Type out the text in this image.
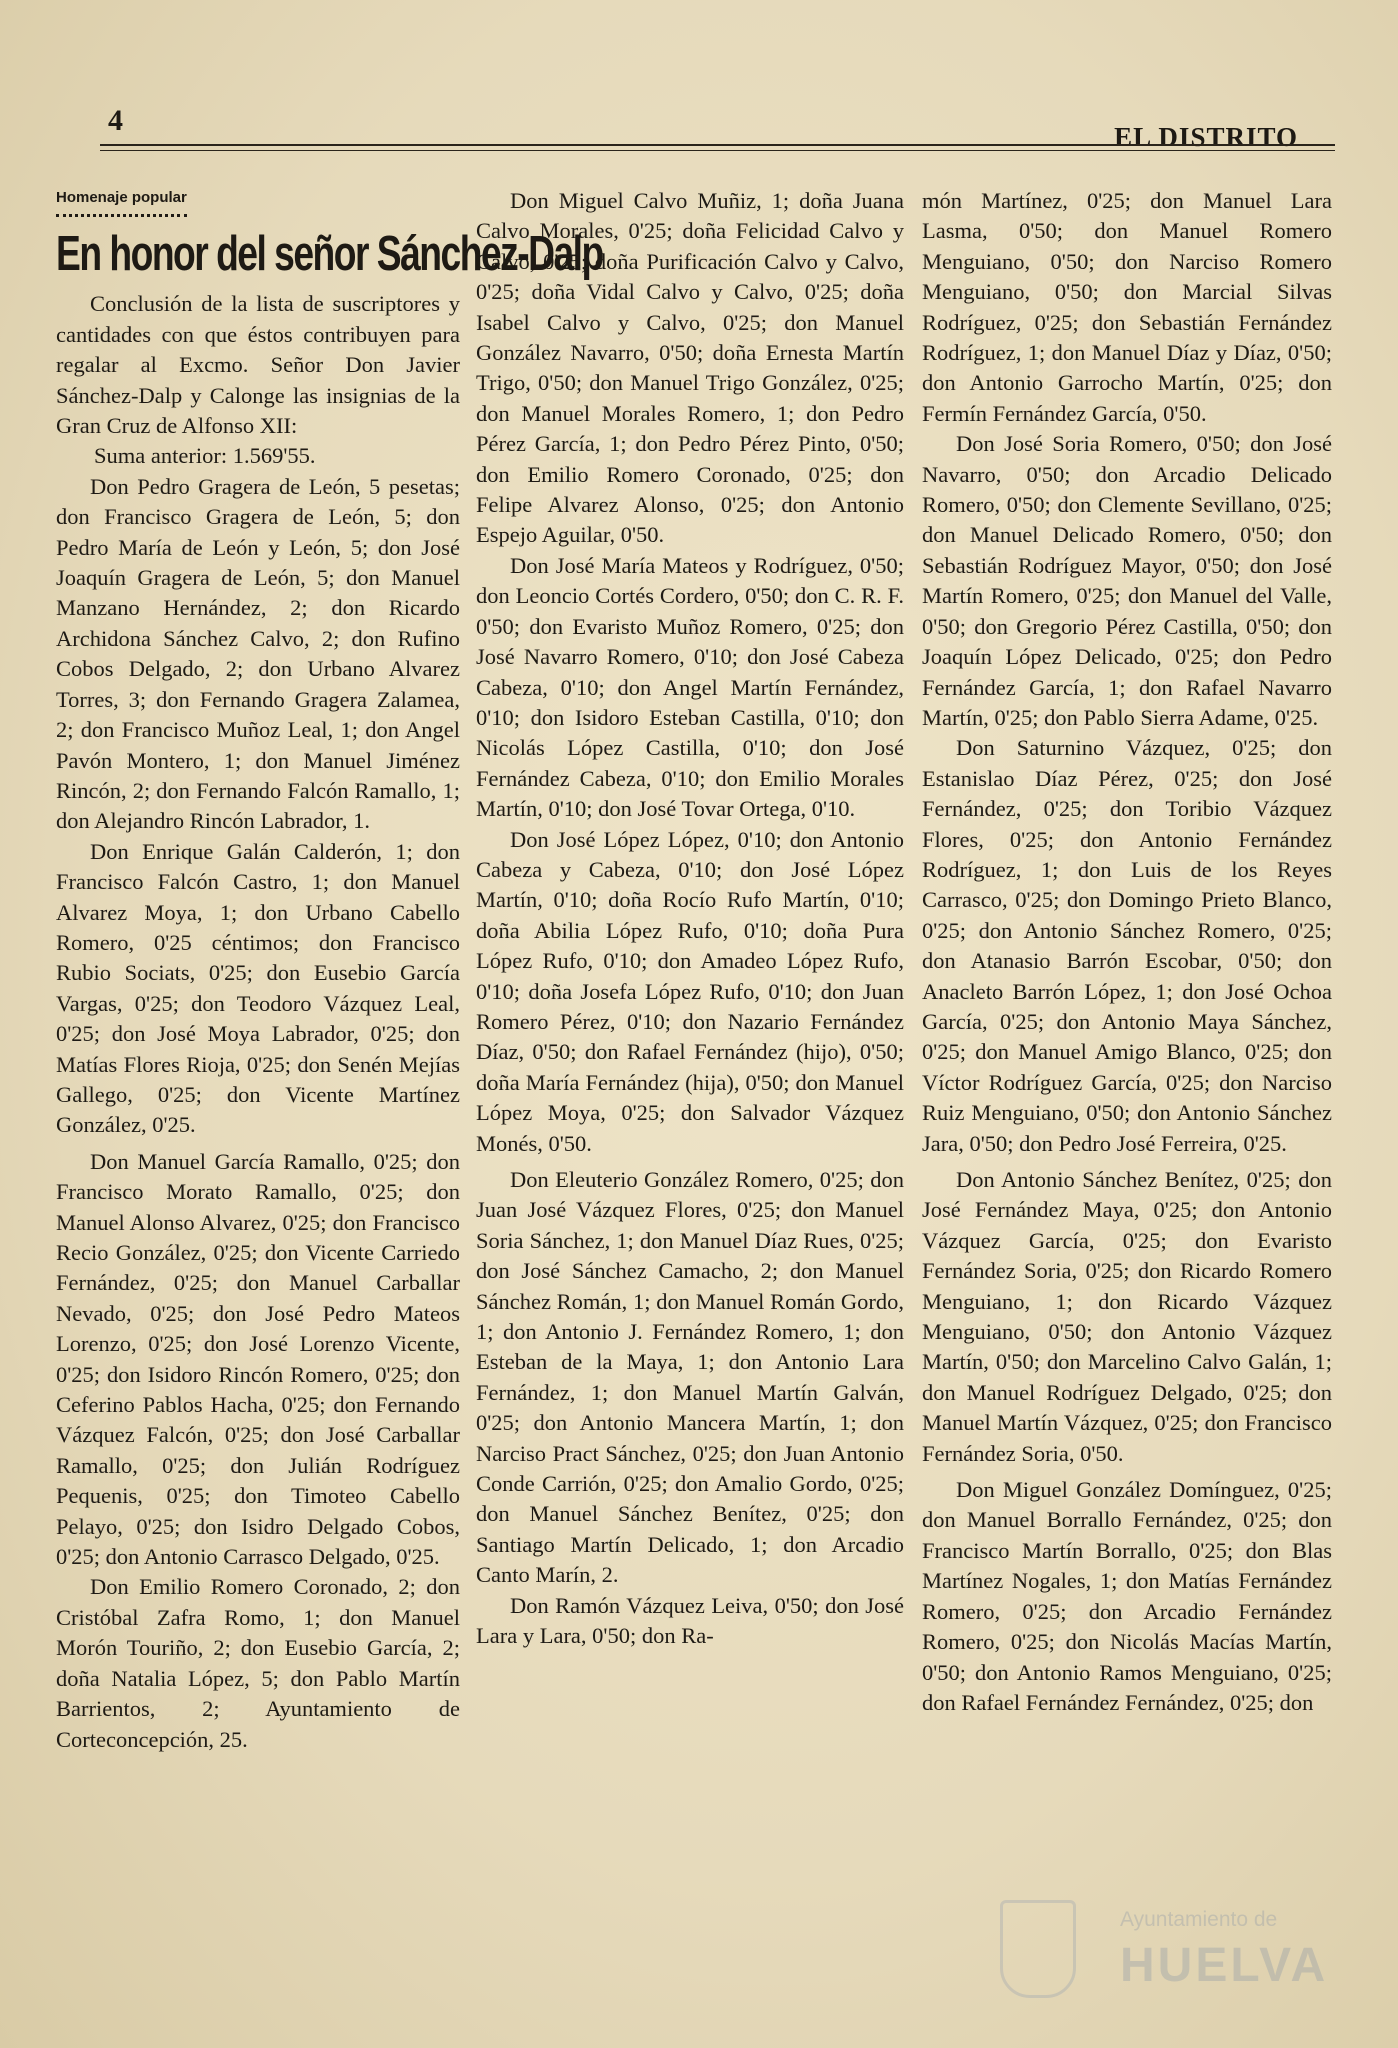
4	EL DISTRITO
Homenaje popular
En honor del señor Sánchez-Dalp

Conclusión de la lista de suscriptores y cantidades con que éstos contribuyen para regalar al Excmo. Señor Don Javier Sánchez-Dalp y Calonge las insignias de la Gran Cruz de Alfonso XII:

Suma anterior: 1.569'55.

Don Pedro Gragera de León, 5 pesetas; don Francisco Gragera de León, 5; don Pedro María de León y León, 5; don José Joaquín Gragera de León, 5; don Manuel Manzano Hernández, 2; don Ricardo Archidona Sánchez Calvo, 2; don Rufino Cobos Delgado, 2; don Urbano Alvarez Torres, 3; don Fernando Gragera Zalamea, 2; don Francisco Muñoz Leal, 1; don Angel Pavón Montero, 1; don Manuel Jiménez Rincón, 2; don Fernando Falcón Ramallo, 1; don Alejandro Rincón Labrador, 1.

Don Enrique Galán Calderón, 1; don Francisco Falcón Castro, 1; don Manuel Alvarez Moya, 1; don Urbano Cabello Romero, 0'25 céntimos; don Francisco Rubio Sociats, 0'25; don Eusebio García Vargas, 0'25; don Teodoro Vázquez Leal, 0'25; don José Moya Labrador, 0'25; don Matías Flores Rioja, 0'25; don Senén Mejías Gallego, 0'25; don Vicente Martínez González, 0'25.

Don Manuel García Ramallo, 0'25; don Francisco Morato Ramallo, 0'25; don Manuel Alonso Alvarez, 0'25; don Francisco Recio González, 0'25; don Vicente Carriedo Fernández, 0'25; don Manuel Carballar Nevado, 0'25; don José Pedro Mateos Lorenzo, 0'25; don José Lorenzo Vicente, 0'25; don Isidoro Rincón Romero, 0'25; don Ceferino Pablos Hacha, 0'25; don Fernando Vázquez Falcón, 0'25; don José Carballar Ramallo, 0'25; don Julián Rodríguez Pequenis, 0'25; don Timoteo Cabello Pelayo, 0'25; don Isidro Delgado Cobos, 0'25; don Antonio Carrasco Delgado, 0'25.

Don Emilio Romero Coronado, 2; don Cristóbal Zafra Romo, 1; don Manuel Morón Touriño, 2; don Eusebio García, 2; doña Natalia López, 5; don Pablo Martín Barrientos, 2; Ayuntamiento de Corteconcepción, 25.

Don Miguel Calvo Muñiz, 1; doña Juana Calvo Morales, 0'25; doña Felicidad Calvo y Calvo, 0'25; doña Purificación Calvo y Calvo, 0'25; doña Vidal Calvo y Calvo, 0'25; doña Isabel Calvo y Calvo, 0'25; don Manuel González Navarro, 0'50; doña Ernesta Martín Trigo, 0'50; don Manuel Trigo González, 0'25; don Manuel Morales Romero, 1; don Pedro Pérez García, 1; don Pedro Pérez Pinto, 0'50; don Emilio Romero Coronado, 0'25; don Felipe Alvarez Alonso, 0'25; don Antonio Espejo Aguilar, 0'50.

Don José María Mateos y Rodríguez, 0'50; don Leoncio Cortés Cordero, 0'50; don C. R. F. 0'50; don Evaristo Muñoz Romero, 0'25; don José Navarro Romero, 0'10; don José Cabeza Cabeza, 0'10; don Angel Martín Fernández, 0'10; don Isidoro Esteban Castilla, 0'10; don Nicolás López Castilla, 0'10; don José Fernández Cabeza, 0'10; don Emilio Morales Martín, 0'10; don José Tovar Ortega, 0'10.

Don José López López, 0'10; don Antonio Cabeza y Cabeza, 0'10; don José López Martín, 0'10; doña Rocío Rufo Martín, 0'10; doña Abilia López Rufo, 0'10; doña Pura López Rufo, 0'10; don Amadeo López Rufo, 0'10; doña Josefa López Rufo, 0'10; don Juan Romero Pérez, 0'10; don Nazario Fernández Díaz, 0'50; don Rafael Fernández (hijo), 0'50; doña María Fernández (hija), 0'50; don Manuel López Moya, 0'25; don Salvador Vázquez Monés, 0'50.

Don Eleuterio González Romero, 0'25; don Juan José Vázquez Flores, 0'25; don Manuel Soria Sánchez, 1; don Manuel Díaz Rues, 0'25; don José Sánchez Camacho, 2; don Manuel Sánchez Román, 1; don Manuel Román Gordo, 1; don Antonio J. Fernández Romero, 1; don Esteban de la Maya, 1; don Antonio Lara Fernández, 1; don Manuel Martín Galván, 0'25; don Antonio Mancera Martín, 1; don Narciso Pract Sánchez, 0'25; don Juan Antonio Conde Carrión, 0'25; don Amalio Gordo, 0'25; don Manuel Sánchez Benítez, 0'25; don Santiago Martín Delicado, 1; don Arcadio Canto Marín, 2.

Don Ramón Vázquez Leiva, 0'50; don José Lara y Lara, 0'50; don Ra-

món Martínez, 0'25; don Manuel Lara Lasma, 0'50; don Manuel Romero Menguiano, 0'50; don Narciso Romero Menguiano, 0'50; don Marcial Silvas Rodríguez, 0'25; don Sebastián Fernández Rodríguez, 1; don Manuel Díaz y Díaz, 0'50; don Antonio Garrocho Martín, 0'25; don Fermín Fernández García, 0'50.

Don José Soria Romero, 0'50; don José Navarro, 0'50; don Arcadio Delicado Romero, 0'50; don Clemente Sevillano, 0'25; don Manuel Delicado Romero, 0'50; don Sebastián Rodríguez Mayor, 0'50; don José Martín Romero, 0'25; don Manuel del Valle, 0'50; don Gregorio Pérez Castilla, 0'50; don Joaquín López Delicado, 0'25; don Pedro Fernández García, 1; don Rafael Navarro Martín, 0'25; don Pablo Sierra Adame, 0'25.

Don Saturnino Vázquez, 0'25; don Estanislao Díaz Pérez, 0'25; don José Fernández, 0'25; don Toribio Vázquez Flores, 0'25; don Antonio Fernández Rodríguez, 1; don Luis de los Reyes Carrasco, 0'25; don Domingo Prieto Blanco, 0'25; don Antonio Sánchez Romero, 0'25; don Atanasio Barrón Escobar, 0'50; don Anacleto Barrón López, 1; don José Ochoa García, 0'25; don Antonio Maya Sánchez, 0'25; don Manuel Amigo Blanco, 0'25; don Víctor Rodríguez García, 0'25; don Narciso Ruiz Menguiano, 0'50; don Antonio Sánchez Jara, 0'50; don Pedro José Ferreira, 0'25.

Don Antonio Sánchez Benítez, 0'25; don José Fernández Maya, 0'25; don Antonio Vázquez García, 0'25; don Evaristo Fernández Soria, 0'25; don Ricardo Romero Menguiano, 1; don Ricardo Vázquez Menguiano, 0'50; don Antonio Vázquez Martín, 0'50; don Marcelino Calvo Galán, 1; don Manuel Rodríguez Delgado, 0'25; don Manuel Martín Vázquez, 0'25; don Francisco Fernández Soria, 0'50.

Don Miguel González Domínguez, 0'25; don Manuel Borrallo Fernández, 0'25; don Francisco Martín Borrallo, 0'25; don Blas Martínez Nogales, 1; don Matías Fernández Romero, 0'25; don Arcadio Fernández Romero, 0'25; don Nicolás Macías Martín, 0'50; don Antonio Ramos Menguiano, 0'25; don Rafael Fernández Fernández, 0'25; don

Ayuntamiento de
HUELVA
